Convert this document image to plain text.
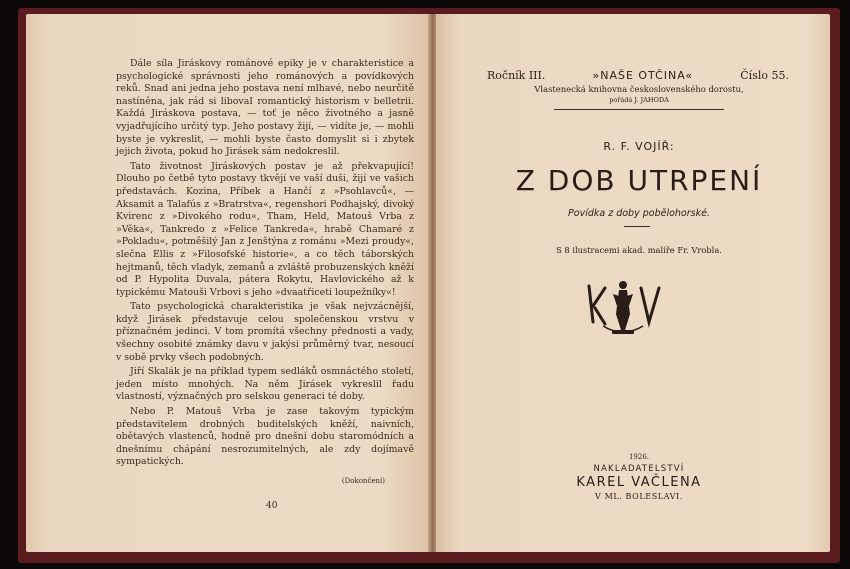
Dále síla Jiráskovy románové epiky je v charakteristice a psychologické správnosti jeho románových a povídkových reků. Snad ani jedna jeho postava není mlhavé, nebo neurčitě nastíněna, jak rád si libovaI romantický historism v belletrii. Každá Jiráskova postava, — toť je něco životného a jasně vyjadřujícího určitý typ. Jeho postavy žijí, — vidíte je, — mohli byste je vykreslit, — mohli byste často domyslit si i zbytek jejich života, pokud ho Jirásek sám nedokreslil.

Tato životnost Jiráskových postav je až překvapující! Dlouho po četbě tyto postavy tkvějí ve vaší duši, žijí ve vašich představách. Kozina, Příbek a Hančí z »Psohlavců«, — Aksamit a Talafús z »Bratrstva«, regenshori Podhajský, divoký Kvirenc z »Divokého rodu«, Tham, Held, Matouš Vrba z »Věka«, Tankredo z »Felice Tankreda«, hrabě Chamaré z »Pokladu«, potměšilý Jan z Jenštýna z románu »Mezi proudy«, slečna Ellis z »Filosofské historie«, a co těch táborských hejtmanů, těch vladyk, zemanů a zvláště probuzenských kněží od P. Hypolita Duvala, pátera Rokytu, Havlovického až k typickému Matouši Vrbovi s jeho »dvaatřiceti loupežníky«!

Tato psychologická charakteristika je však nejvzácnější, když Jirásek představuje celou společenskou vrstvu v příznačném jedinci. V tom promítá všechny přednosti a vady, všechny osobité známky davu v jakýsi průměrný tvar, nesoucí v sobě prvky všech podobných.

Jiří Skalák je na příklad typem sedláků osmnáctého století, jeden místo mnohých. Na něm Jirásek vykreslil řadu vlastností, význačných pro selskou generaci té doby.

Nebo P. Matouš Vrba je zase takovým typickým představitelem drobných buditelských kněží, naivních, obětavých vlastenců, hodně pro dnešní dobu staromódních a dnešnímu chápání nesrozumitelných, ale zdy dojímavě sympatických.

(Dokončení)
40
Ročník III.	»NAŠE OTČINA«	Číslo 55.
Vlastenecká knihovna československého dorostu,
pořádá J. JAHODA
R. F. VOJÍŘ:
Z DOB UTRPENÍ
Povídka z doby pobělohorské.
S 8 ilustracemi akad. malíře Fr. Vrobla.
1926.
NAKLADATELSTVÍ
KAREL VAČLENA
V ML. BOLESLAVI.
